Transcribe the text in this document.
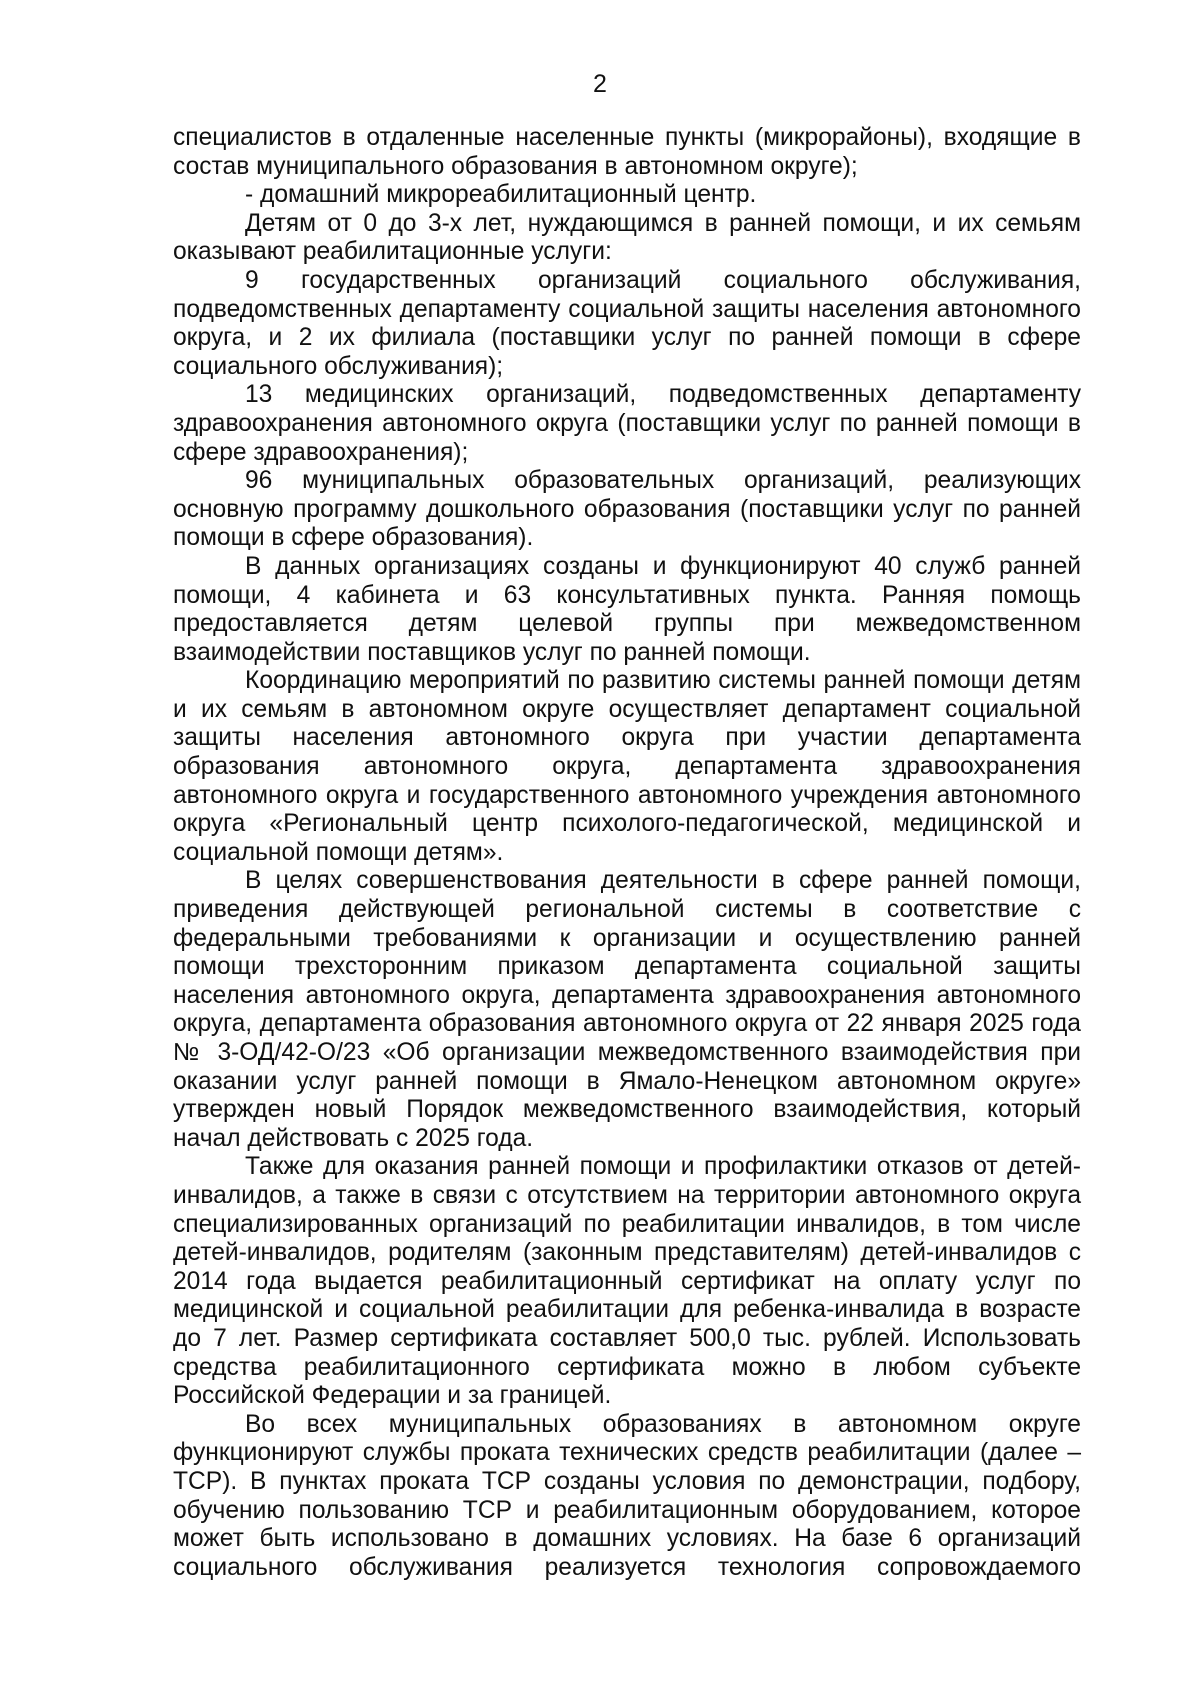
2

специалистов в отдаленные населенные пункты (микрорайоны), входящие в состав муниципального образования в автономном округе);

- домашний микрореабилитационный центр.

Детям от 0 до 3-х лет, нуждающимся в ранней помощи, и их семьям оказывают реабилитационные услуги:

9 государственных организаций социального обслуживания, подведомственных департаменту социальной защиты населения автономного округа, и 2 их филиала (поставщики услуг по ранней помощи в сфере социального обслуживания);

13 медицинских организаций, подведомственных департаменту здравоохранения автономного округа (поставщики услуг по ранней помощи в сфере здравоохранения);

96 муниципальных образовательных организаций, реализующих основную программу дошкольного образования (поставщики услуг по ранней помощи в сфере образования).

В данных организациях созданы и функционируют 40 служб ранней помощи, 4 кабинета и 63 консультативных пункта. Ранняя помощь предоставляется детям целевой группы при межведомственном взаимодействии поставщиков услуг по ранней помощи.

Координацию мероприятий по развитию системы ранней помощи детям и их семьям в автономном округе осуществляет департамент социальной защиты населения автономного округа при участии департамента образования автономного округа, департамента здравоохранения автономного округа и государственного автономного учреждения автономного округа «Региональный центр психолого-педагогической, медицинской и социальной помощи детям».

В целях совершенствования деятельности в сфере ранней помощи, приведения действующей региональной системы в соответствие с федеральными требованиями к организации и осуществлению ранней помощи трехсторонним приказом департамента социальной защиты населения автономного округа, департамента здравоохранения автономного округа, департамента образования автономного округа от 22 января 2025 года № 3-ОД/42-О/23 «Об организации межведомственного взаимодействия при оказании услуг ранней помощи в Ямало-Ненецком автономном округе» утвержден новый Порядок межведомственного взаимодействия, который начал действовать с 2025 года.

Также для оказания ранней помощи и профилактики отказов от детей-инвалидов, а также в связи с отсутствием на территории автономного округа специализированных организаций по реабилитации инвалидов, в том числе детей-инвалидов, родителям (законным представителям) детей-инвалидов с 2014 года выдается реабилитационный сертификат на оплату услуг по медицинской и социальной реабилитации для ребенка-инвалида в возрасте до 7 лет. Размер сертификата составляет 500,0 тыс. рублей. Использовать средства реабилитационного сертификата можно в любом субъекте Российской Федерации и за границей.

Во всех муниципальных образованиях в автономном округе функционируют службы проката технических средств реабилитации (далее – ТСР). В пунктах проката ТСР созданы условия по демонстрации, подбору, обучению пользованию ТСР и реабилитационным оборудованием, которое может быть использовано в домашних условиях. На базе 6 организаций социального обслуживания реализуется технология сопровождаемого
